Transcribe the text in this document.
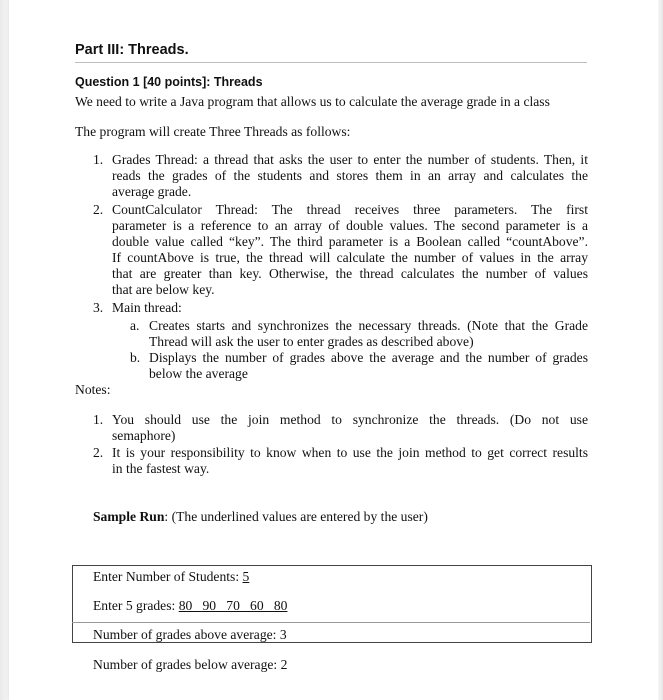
Part III: Threads.
Question 1 [40 points]: Threads
We need to write a Java program that allows us to calculate the average grade in a class
The program will create Three Threads as follows:
1. Grades Thread: a thread that asks the user to enter the number of students. Then, it
reads the grades of the students and stores them in an array and calculates the
average grade.
2. CountCalculator Thread: The thread receives three parameters. The first
parameter is a reference to an array of double values. The second parameter is a
double value called “key”. The third parameter is a Boolean called “countAbove”.
If countAbove is true, the thread will calculate the number of values in the array
that are greater than key. Otherwise, the thread calculates the number of values
that are below key.
3. Main thread:
a. Creates starts and synchronizes the necessary threads. (Note that the Grade
Thread will ask the user to enter grades as described above)
b. Displays the number of grades above the average and the number of grades
below the average
Notes:
1. You should use the join method to synchronize the threads. (Do not use
semaphore)
2. It is your responsibility to know when to use the join method to get correct results
in the fastest way.
Sample Run: (The underlined values are entered by the user)
Enter Number of Students: 5
Enter 5 grades: 80   90   70   60   80
Number of grades above average: 3
Number of grades below average: 2
